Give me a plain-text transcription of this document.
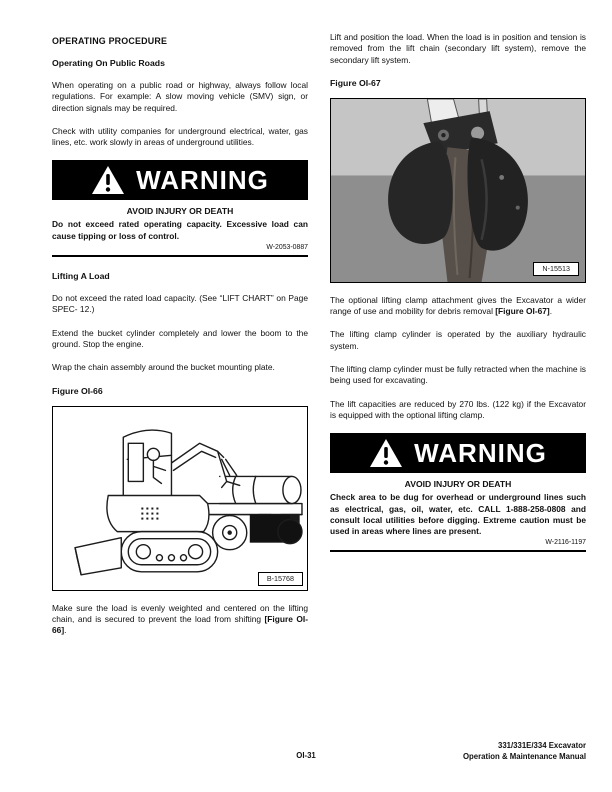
OPERATING PROCEDURE
Operating On Public Roads

When operating on a public road or highway, always follow local regulations. For example: A slow moving vehicle (SMV) sign, or direction signals may be required.

Check with utility companies for underground electrical, water, gas lines, etc. work slowly in areas of underground utilities.

WARNING
AVOID INJURY OR DEATH
Do not exceed rated operating capacity. Excessive load can cause tipping or loss of control.
W-2053-0887
Lifting A Load

Do not exceed the rated load capacity. (See “LIFT CHART” on Page SPEC- 12.)

Extend the bucket cylinder completely and lower the boom to the ground. Stop the engine.

Wrap the chain assembly around the bucket mounting plate.

Figure OI-66
B-15768

Make sure the load is evenly weighted and centered on the lifting chain, and is secured to prevent the load from shifting [Figure OI-66].

Lift and position the load. When the load is in position and tension is removed from the lift chain (secondary lift system), remove the secondary lift system.

Figure OI-67
N-15513

The optional lifting clamp attachment gives the Excavator a wider range of use and mobility for debris removal [Figure OI-67].

The lifting clamp cylinder is operated by the auxiliary hydraulic system.

The lifting clamp cylinder must be fully retracted when the machine is being used for excavating.

The lift capacities are reduced by 270 lbs. (122 kg) if the Excavator is equipped with the optional lifting clamp.

WARNING
AVOID INJURY OR DEATH
Check area to be dug for overhead or underground lines such as electrical, gas, oil, water, etc. CALL 1-888-258-0808 and consult local utilities before digging. Extreme caution must be used in areas where lines are present.
W-2116-1197
OI-31
331/331E/334 Excavator
Operation & Maintenance Manual
